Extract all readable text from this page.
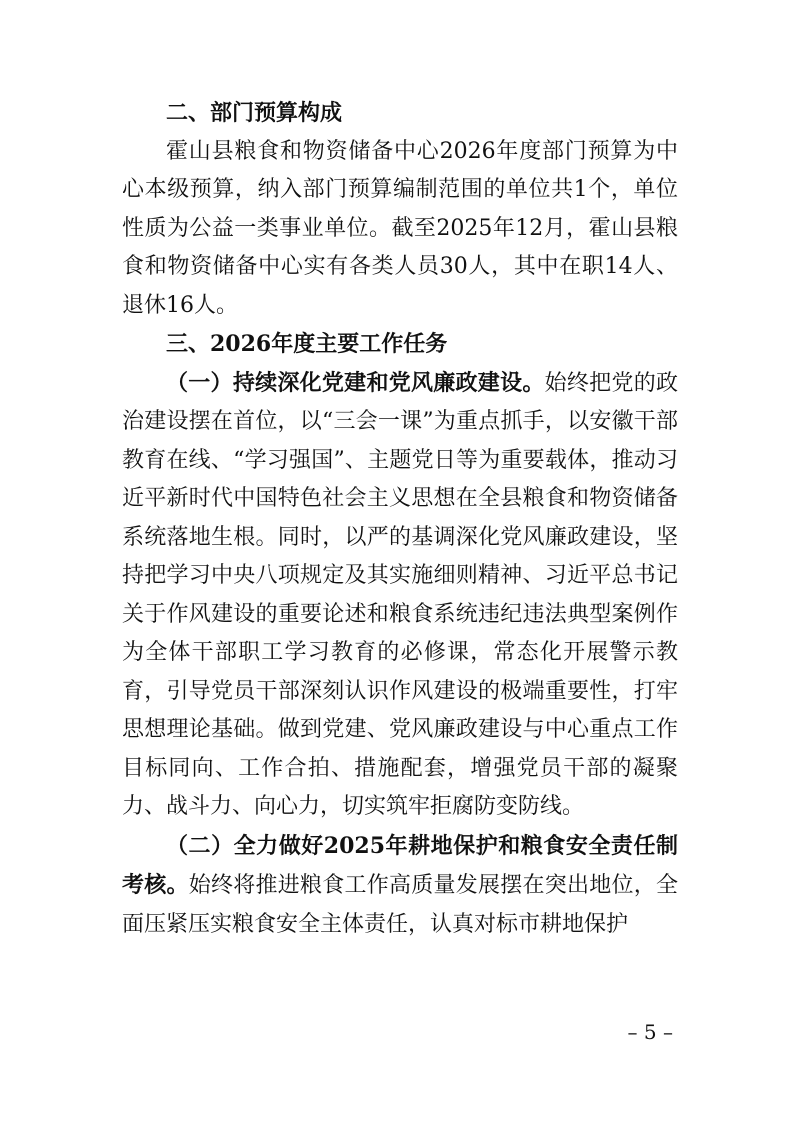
二、部门预算构成

霍山县粮食和物资储备中心2026年度部门预算为中心本级预算，纳入部门预算编制范围的单位共1个，单位性质为公益一类事业单位。截至2025年12月，霍山县粮食和物资储备中心实有各类人员30人，其中在职14人、退休16人。

三、2026年度主要工作任务

（一）持续深化党建和党风廉政建设。始终把党的政治建设摆在首位，以“三会一课”为重点抓手，以安徽干部教育在线、“学习强国”、主题党日等为重要载体，推动习近平新时代中国特色社会主义思想在全县粮食和物资储备系统落地生根。同时，以严的基调深化党风廉政建设，坚持把学习中央八项规定及其实施细则精神、习近平总书记关于作风建设的重要论述和粮食系统违纪违法典型案例作为全体干部职工学习教育的必修课，常态化开展警示教育，引导党员干部深刻认识作风建设的极端重要性，打牢思想理论基础。做到党建、党风廉政建设与中心重点工作目标同向、工作合拍、措施配套，增强党员干部的凝聚力、战斗力、向心力，切实筑牢拒腐防变防线。

（二）全力做好2025年耕地保护和粮食安全责任制考核。始终将推进粮食工作高质量发展摆在突出地位，全面压紧压实粮食安全主体责任，认真对标市耕地保护

– 5 –
